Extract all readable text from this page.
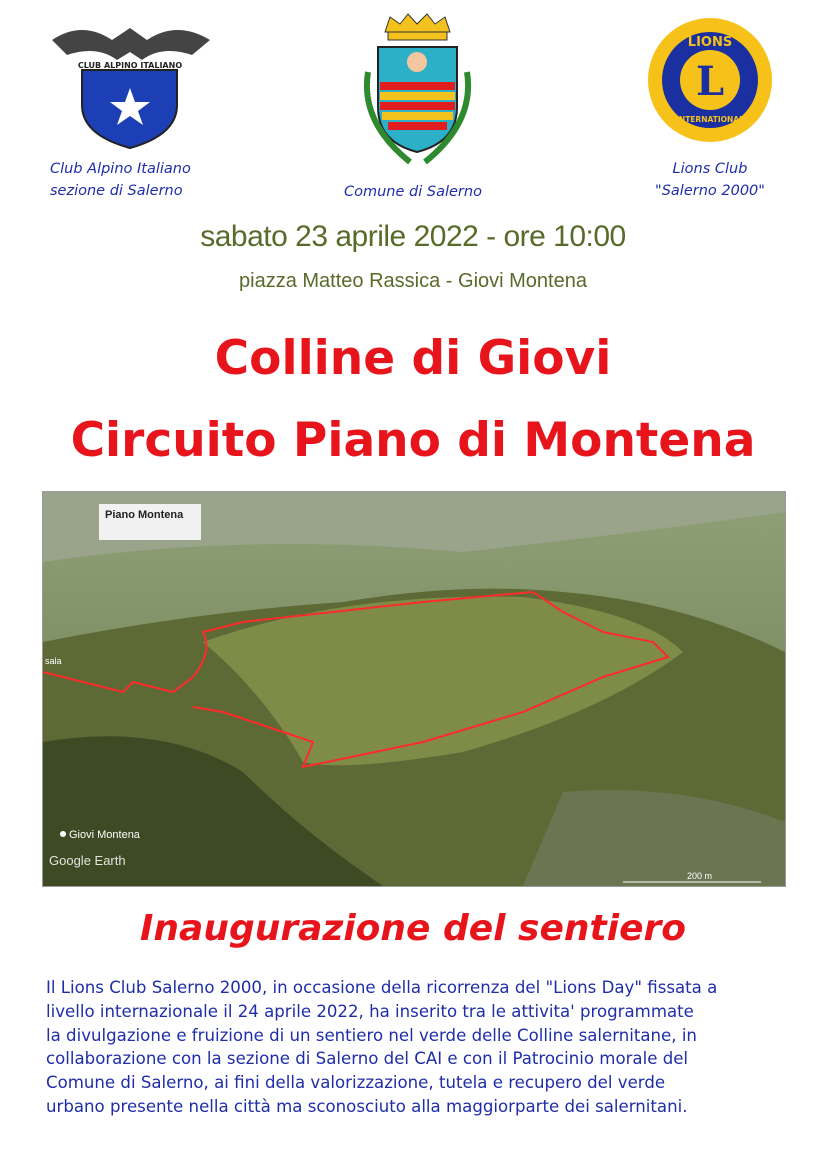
CLUB ALPINO ITALIANO
Club Alpino Italiano
sezione di Salerno	Comune di Salerno
L
LIONS
INTERNATIONAL
Lions Club
"Salerno 2000"
sabato 23 aprile 2022 - ore 10:00
piazza Matteo Rassica - Giovi Montena
Colline di Giovi
Circuito Piano di Montena
Piano Montena
sala
Giovi Montena
Google Earth
200 m
Inaugurazione del sentiero
Il Lions Club Salerno 2000, in occasione della ricorrenza del "Lions Day" fissata a
livello internazionale il 24 aprile 2022, ha inserito tra le attivita' programmate
la divulgazione e fruizione di un sentiero nel verde delle Colline salernitane, in
collaborazione con la sezione di Salerno del CAI e con il Patrocinio morale del
Comune di Salerno, ai fini della valorizzazione, tutela e recupero del verde
urbano presente nella città ma sconosciuto alla maggiorparte dei salernitani.
